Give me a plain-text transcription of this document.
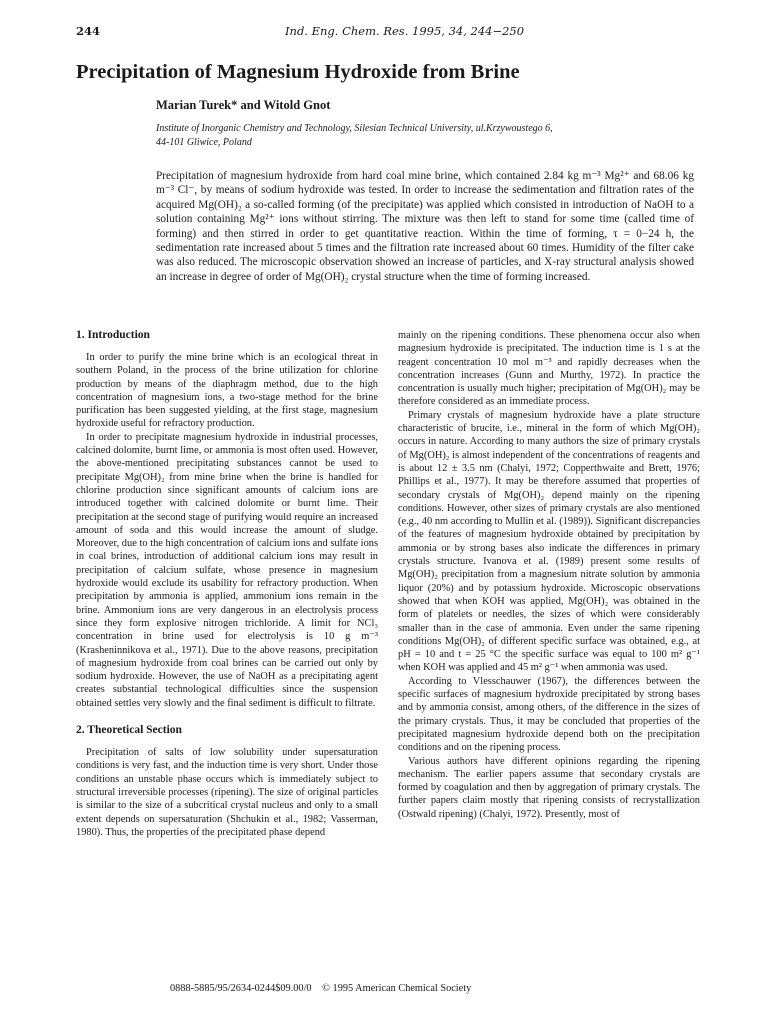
244	Ind. Eng. Chem. Res. 1995, 34, 244−250
Precipitation of Magnesium Hydroxide from Brine
Marian Turek* and Witold Gnot
Institute of Inorganic Chemistry and Technology, Silesian Technical University, ul.Krzywoustego 6,
44-101 Gliwice, Poland
Precipitation of magnesium hydroxide from hard coal mine brine, which contained 2.84 kg m⁻³ Mg²⁺ and 68.06 kg m⁻³ Cl⁻, by means of sodium hydroxide was tested. In order to increase the sedimentation and filtration rates of the acquired Mg(OH)₂ a so-called forming (of the precipitate) was applied which consisted in introduction of NaOH to a solution containing Mg²⁺ ions without stirring. The mixture was then left to stand for some time (called time of forming) and then stirred in order to get quantitative reaction. Within the time of forming, τ = 0−24 h, the sedimentation rate increased about 5 times and the filtration rate increased about 60 times. Humidity of the filter cake was also reduced. The microscopic observation showed an increase of particles, and X-ray structural analysis showed an increase in degree of order of Mg(OH)₂ crystal structure when the time of forming increased.
1. Introduction

In order to purify the mine brine which is an ecological threat in southern Poland, in the process of the brine utilization for chlorine production by means of the diaphragm method, due to the high concentration of magnesium ions, a two-stage method for the brine purification has been suggested yielding, at the first stage, magnesium hydroxide useful for refractory production.

In order to precipitate magnesium hydroxide in industrial processes, calcined dolomite, burnt lime, or ammonia is most often used. However, the above-mentioned precipitating substances cannot be used to precipitate Mg(OH)₂ from mine brine when the brine is handled for chlorine production since significant amounts of calcium ions are introduced together with calcined dolomite or burnt lime. Their precipitation at the second stage of purifying would require an increased amount of soda and this would increase the amount of sludge. Moreover, due to the high concentration of calcium ions and sulfate ions in coal brines, introduction of additional calcium ions may result in precipitation of calcium sulfate, whose presence in magnesium hydroxide would exclude its usability for refractory production. When precipitation by ammonia is applied, ammonium ions remain in the brine. Ammonium ions are very dangerous in an electrolysis process since they form explosive nitrogen trichloride. A limit for NCl₃ concentration in brine used for electrolysis is 10 g m⁻³ (Krasheninnikova et al., 1971). Due to the above reasons, precipitation of magnesium hydroxide from coal brines can be carried out only by sodium hydroxide. However, the use of NaOH as a precipitating agent creates substantial technological difficulties since the suspension obtained settles very slowly and the final sediment is difficult to filtrate.

2. Theoretical Section

Precipitation of salts of low solubility under supersaturation conditions is very fast, and the induction time is very short. Under those conditions an unstable phase occurs which is immediately subject to structural irreversible processes (ripening). The size of original particles is similar to the size of a subcritical crystal nucleus and only to a small extent depends on supersaturation (Shchukin et al., 1982; Vasserman, 1980). Thus, the properties of the precipitated phase depend

mainly on the ripening conditions. These phenomena occur also when magnesium hydroxide is precipitated. The induction time is 1 s at the reagent concentration 10 mol m⁻³ and rapidly decreases when the concentration increases (Gunn and Murthy, 1972). In practice the concentration is usually much higher; precipitation of Mg(OH)₂ may be therefore considered as an immediate process.

Primary crystals of magnesium hydroxide have a plate structure characteristic of brucite, i.e., mineral in the form of which Mg(OH)₂ occurs in nature. According to many authors the size of primary crystals of Mg(OH)₂ is almost independent of the concentrations of reagents and is about 12 ± 3.5 nm (Chalyi, 1972; Copperthwaite and Brett, 1976; Phillips et al., 1977). It may be therefore assumed that properties of secondary crystals of Mg(OH)₂ depend mainly on the ripening conditions. However, other sizes of primary crystals are also mentioned (e.g., 40 nm according to Mullin et al. (1989)). Significant discrepancies of the features of magnesium hydroxide obtained by precipitation by ammonia or by strong bases also indicate the differences in primary crystals structure. Ivanova et al. (1989) present some results of Mg(OH)₂ precipitation from a magnesium nitrate solution by ammonia liquor (20%) and by potassium hydroxide. Microscopic observations showed that when KOH was applied, Mg(OH)₂ was obtained in the form of platelets or needles, the sizes of which were considerably smaller than in the case of ammonia. Even under the same ripening conditions Mg(OH)₂ of different specific surface was obtained, e.g., at pH = 10 and t = 25 °C the specific surface was equal to 100 m² g⁻¹ when KOH was applied and 45 m² g⁻¹ when ammonia was used.

According to Vlesschauwer (1967), the differences between the specific surfaces of magnesium hydroxide precipitated by strong bases and by ammonia consist, among others, of the difference in the sizes of the primary crystals. Thus, it may be concluded that properties of the precipitated magnesium hydroxide depend both on the precipitation conditions and on the ripening process.

Various authors have different opinions regarding the ripening mechanism. The earlier papers assume that secondary crystals are formed by coagulation and then by aggregation of primary crystals. The further papers claim mostly that ripening consists of recrystallization (Ostwald ripening) (Chalyi, 1972). Presently, most of

0888-5885/95/2634-0244$09.00/0 © 1995 American Chemical Society
